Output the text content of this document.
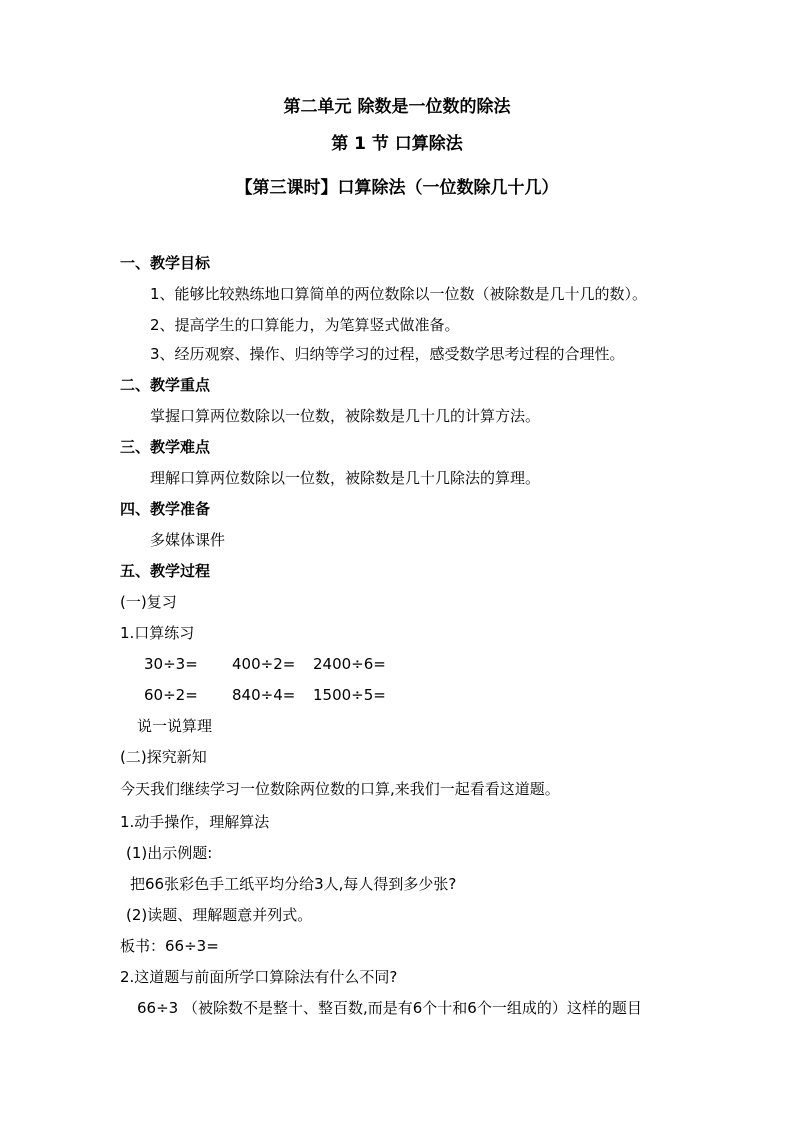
第二单元 除数是一位数的除法
第 1 节 口算除法
【第三课时】口算除法（一位数除几十几）
一、教学目标
1、能够比较熟练地口算简单的两位数除以一位数（被除数是几十几的数）。
2、提高学生的口算能力，为笔算竖式做准备。
3、经历观察、操作、归纳等学习的过程，感受数学思考过程的合理性。
二、教学重点
掌握口算两位数除以一位数，被除数是几十几的计算方法。
三、教学难点
理解口算两位数除以一位数，被除数是几十几除法的算理。
四、教学准备
多媒体课件
五、教学过程
(一)复习
1.口算练习
30÷3= 400÷2= 2400÷6=
60÷2= 840÷4= 1500÷5=
说一说算理
(二)探究新知
今天我们继续学习一位数除两位数的口算,来我们一起看看这道题。
1.动手操作，理解算法
(1)出示例题:
把66张彩色手工纸平均分给3人,每人得到多少张?
(2)读题、理解题意并列式。
板书：66÷3=
2.这道题与前面所学口算除法有什么不同?
66÷3 （被除数不是整十、整百数,而是有6个十和6个一组成的）这样的题目
